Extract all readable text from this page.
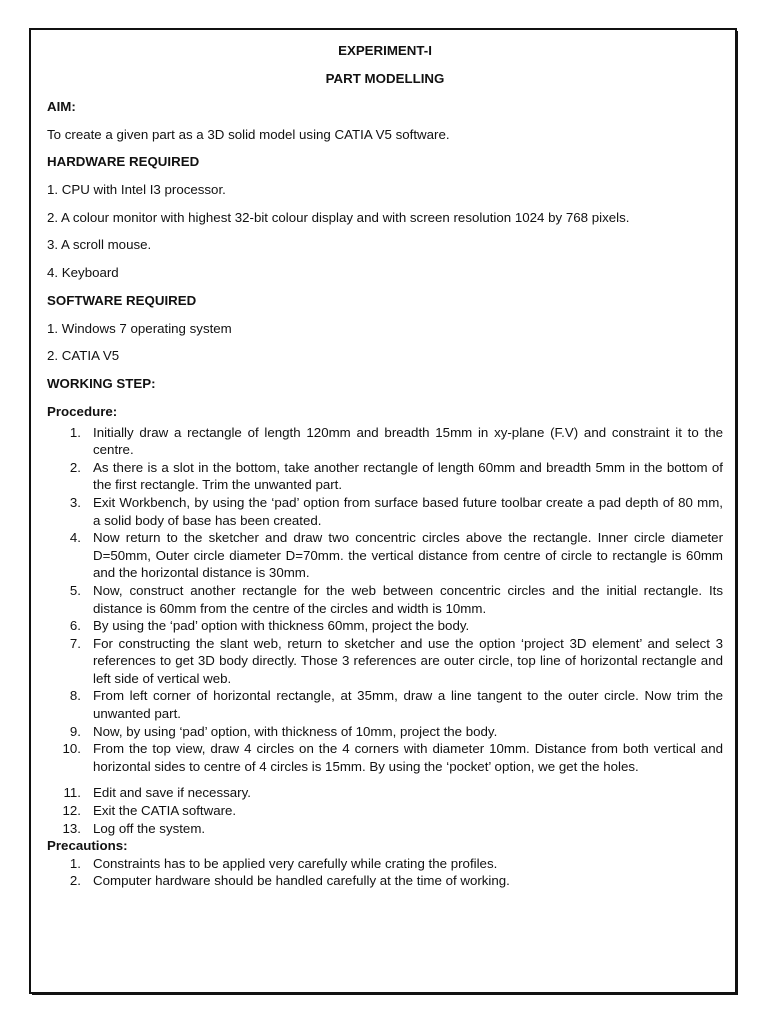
EXPERIMENT-I

PART MODELLING

AIM:

To create a given part as a 3D solid model using CATIA V5 software.

HARDWARE REQUIRED

1. CPU with Intel I3 processor.

2. A colour monitor with highest 32-bit colour display and with screen resolution 1024 by 768 pixels.

3. A scroll mouse.

4. Keyboard

SOFTWARE REQUIRED

1. Windows 7 operating system

2. CATIA V5

WORKING STEP:

Procedure:

1. Initially draw a rectangle of length 120mm and breadth 15mm in xy-plane (F.V) and constraint it to the centre.
2. As there is a slot in the bottom, take another rectangle of length 60mm and breadth 5mm in the bottom of the first rectangle. Trim the unwanted part.
3. Exit Workbench, by using the ‘pad’ option from surface based future toolbar create a pad depth of 80 mm, a solid body of base has been created.
4. Now return to the sketcher and draw two concentric circles above the rectangle. Inner circle diameter D=50mm, Outer circle diameter D=70mm. the vertical distance from centre of circle to rectangle is 60mm and the horizontal distance is 30mm.
5. Now, construct another rectangle for the web between concentric circles and the initial rectangle. Its distance is 60mm from the centre of the circles and width is 10mm.
6. By using the ‘pad’ option with thickness 60mm, project the body.
7. For constructing the slant web, return to sketcher and use the option ‘project 3D element’ and select 3 references to get 3D body directly. Those 3 references are outer circle, top line of horizontal rectangle and left side of vertical web.
8. From left corner of horizontal rectangle, at 35mm, draw a line tangent to the outer circle. Now trim the unwanted part.
9. Now, by using ‘pad’ option, with thickness of 10mm, project the body.
10. From the top view, draw 4 circles on the 4 corners with diameter 10mm. Distance from both vertical and horizontal sides to centre of 4 circles is 15mm. By using the ‘pocket’ option, we get the holes.
11. Edit and save if necessary.
12. Exit the CATIA software.
13. Log off the system.

Precautions:

1. Constraints has to be applied very carefully while crating the profiles.
2. Computer hardware should be handled carefully at the time of working.
